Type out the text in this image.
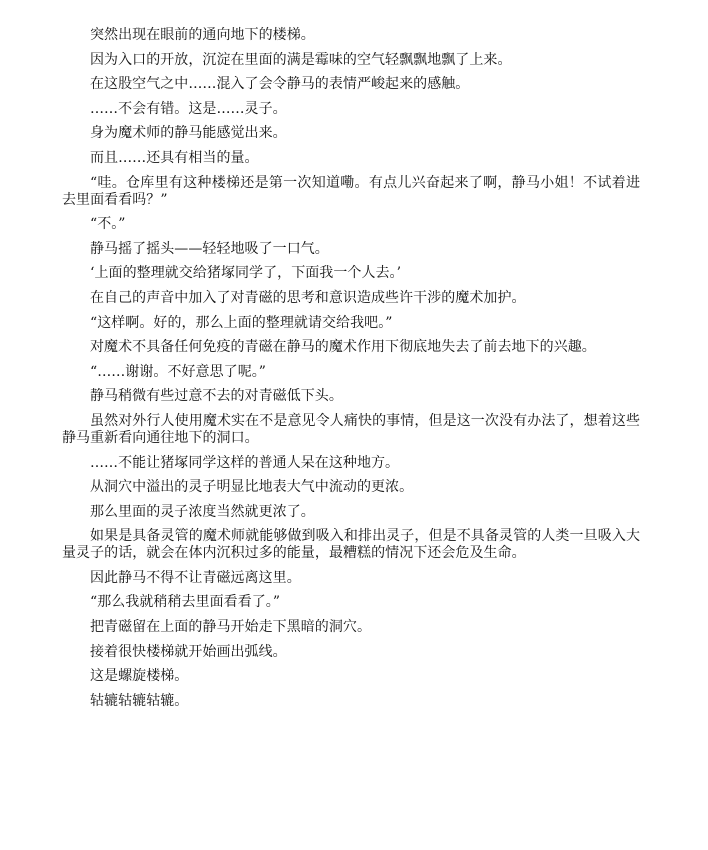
突然出现在眼前的通向地下的楼梯。

因为入口的开放，沉淀在里面的满是霉味的空气轻飘飘地飘了上来。

在这股空气之中……混入了会令静马的表情严峻起来的感触。

……不会有错。这是……灵子。

身为魔术师的静马能感觉出来。

而且……还具有相当的量。

“哇。仓库里有这种楼梯还是第一次知道嘞。有点儿兴奋起来了啊，静马小姐！不试着进去里面看看吗？”

“不。”

静马摇了摇头——轻轻地吸了一口气。

‘上面的整理就交给猪塚同学了，下面我一个人去。’

在自己的声音中加入了对青磁的思考和意识造成些许干涉的魔术加护。

“这样啊。好的，那么上面的整理就请交给我吧。”

对魔术不具备任何免疫的青磁在静马的魔术作用下彻底地失去了前去地下的兴趣。

“……谢谢。不好意思了呢。”

静马稍微有些过意不去的对青磁低下头。

虽然对外行人使用魔术实在不是意见令人痛快的事情，但是这一次没有办法了，想着这些静马重新看向通往地下的洞口。

……不能让猪塚同学这样的普通人呆在这种地方。

从洞穴中溢出的灵子明显比地表大气中流动的更浓。

那么里面的灵子浓度当然就更浓了。

如果是具备灵管的魔术师就能够做到吸入和排出灵子，但是不具备灵管的人类一旦吸入大量灵子的话，就会在体内沉积过多的能量，最糟糕的情况下还会危及生命。

因此静马不得不让青磁远离这里。

“那么我就稍稍去里面看看了。”

把青磁留在上面的静马开始走下黑暗的洞穴。

接着很快楼梯就开始画出弧线。

这是螺旋楼梯。

轱辘轱辘轱辘。
